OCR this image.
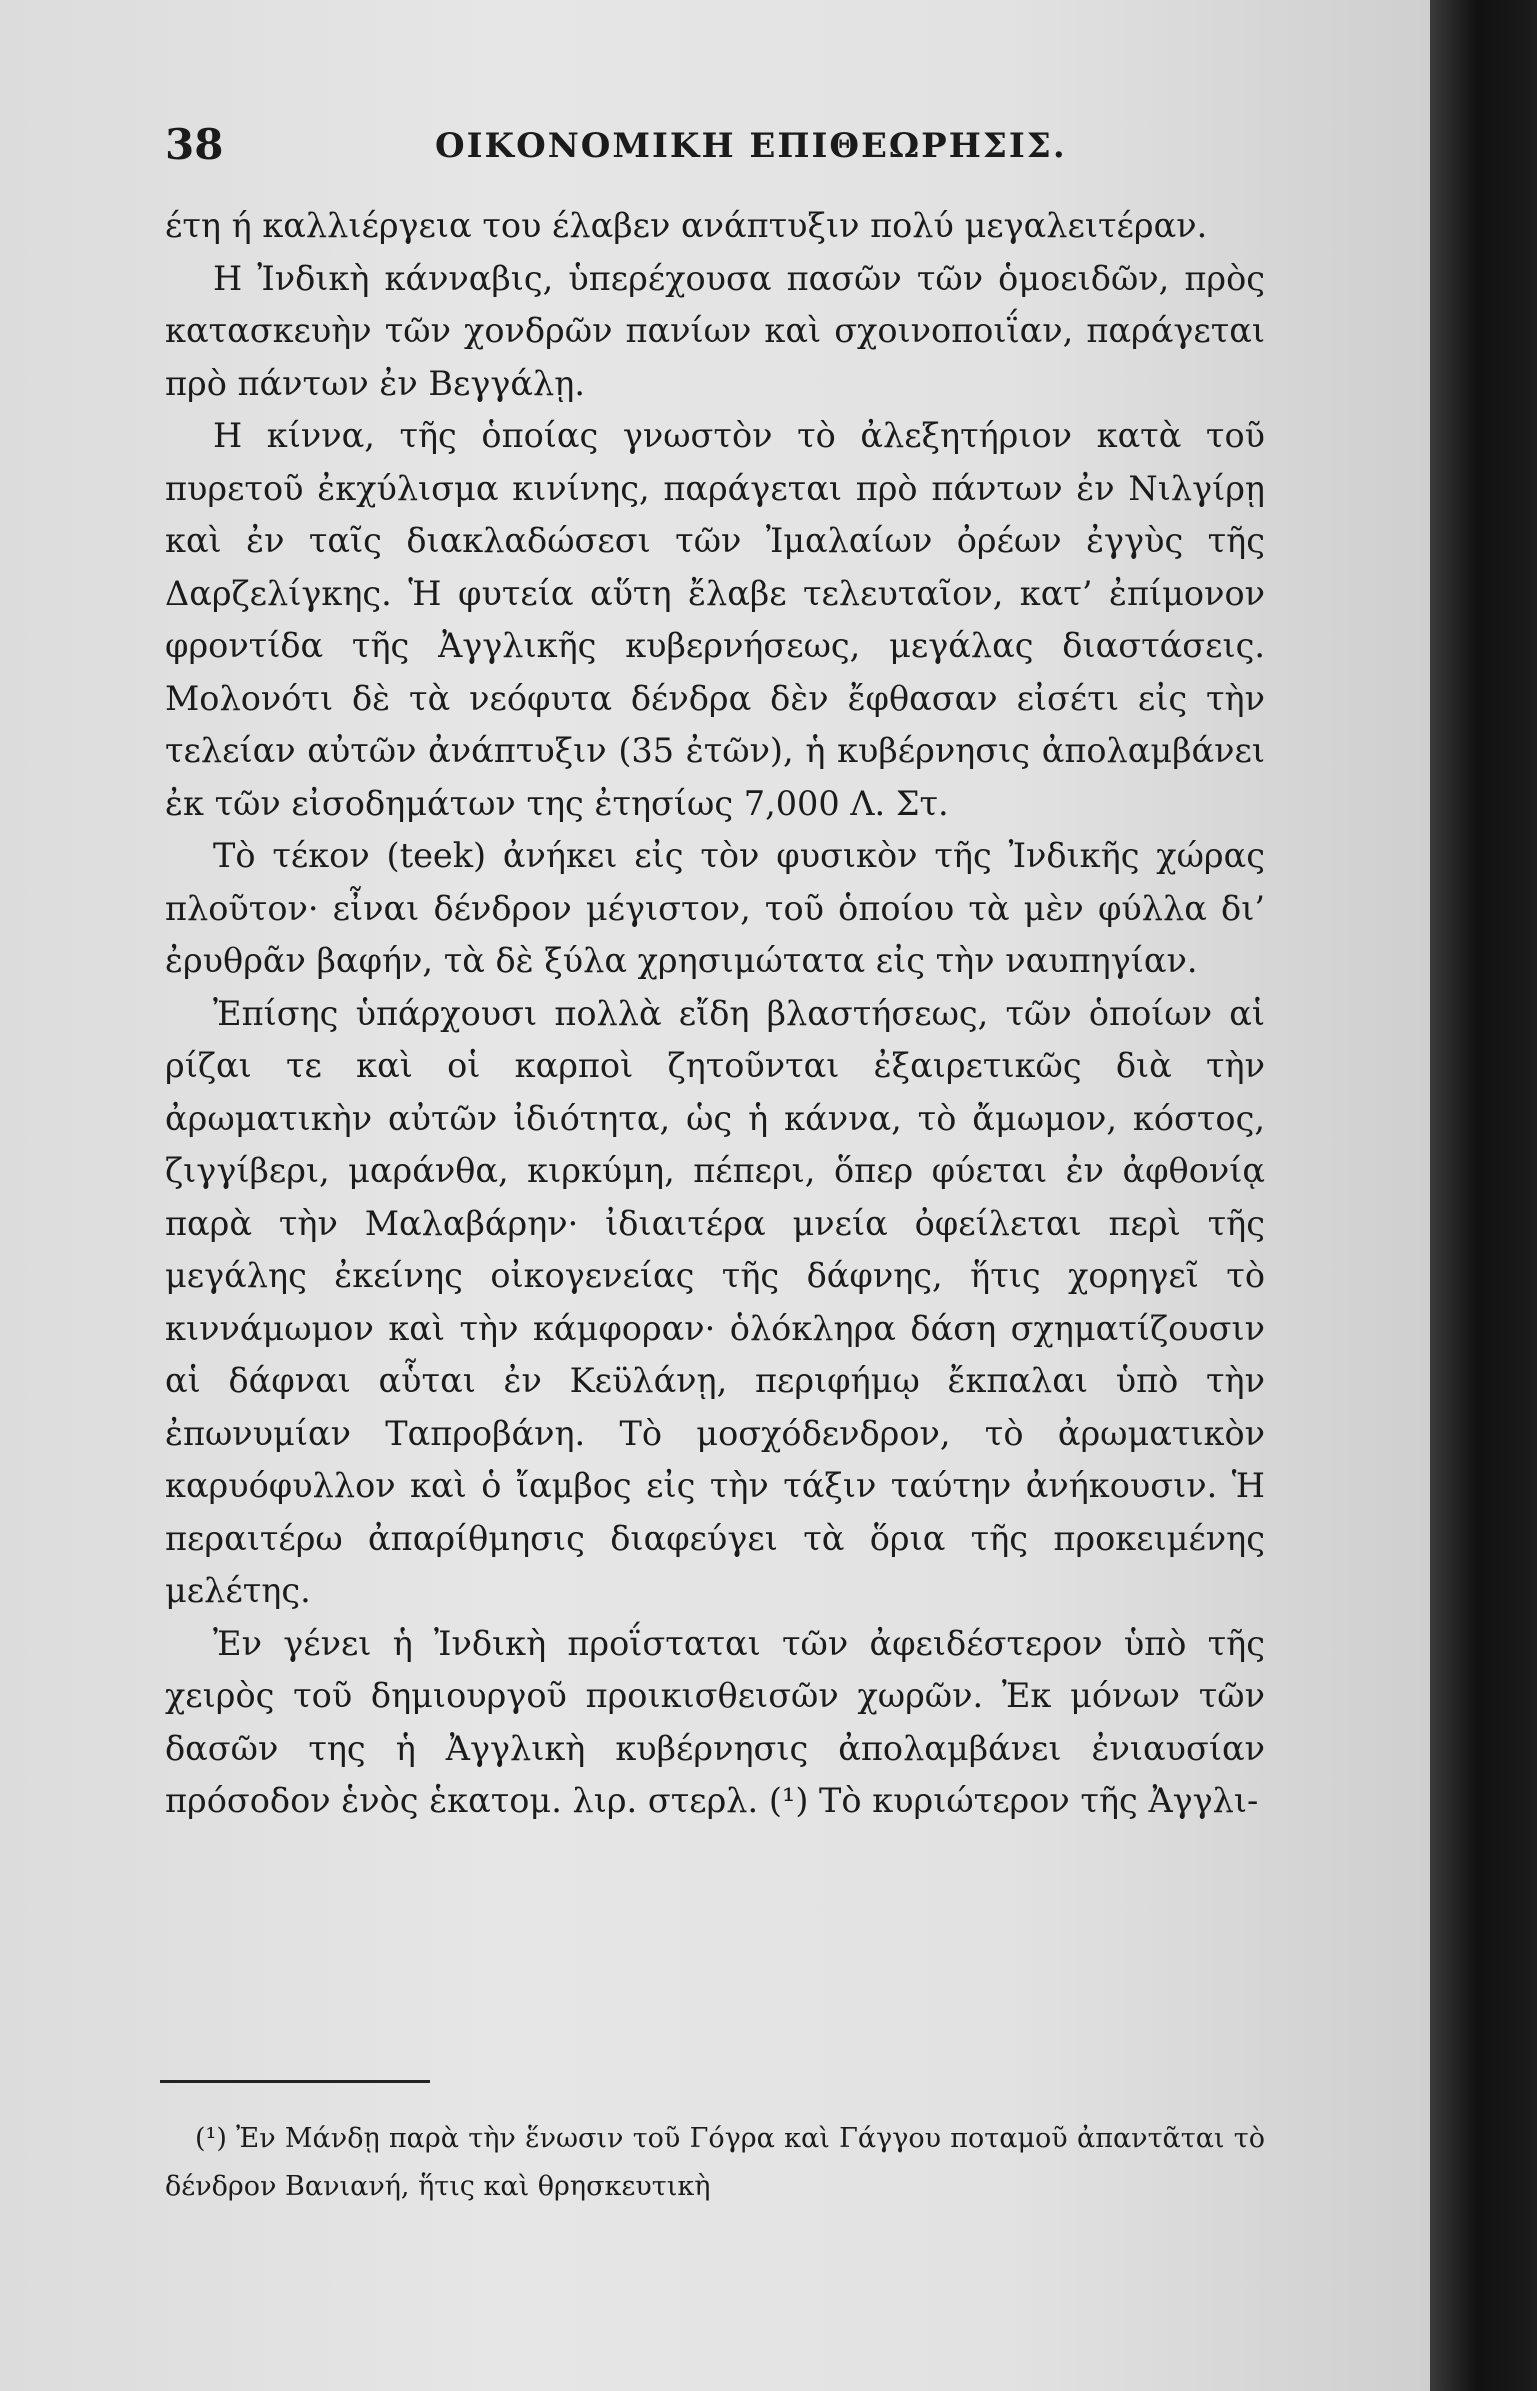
38	ΟΙΚΟΝΟΜΙΚΗ ΕΠΙΘΕΩΡΗΣΙΣ.

έτη ή καλλιέργεια του έλαβεν ανάπτυξιν πολύ μεγαλειτέραν.

Η Ἰνδικὴ κάνναβις, ὑπερέχουσα πασῶν τῶν ὁμοειδῶν, πρὸς κατασκευὴν τῶν χονδρῶν πανίων καὶ σχοινοποιΐαν, παράγεται πρὸ πάντων ἐν Βεγγάλῃ.

Η κίννα, τῆς ὁποίας γνωστὸν τὸ ἀλεξητήριον κατὰ τοῦ πυρετοῦ ἐκχύλισμα κινίνης, παράγεται πρὸ πάντων ἐν Νιλγίρῃ καὶ ἐν ταῖς διακλαδώσεσι τῶν Ἰμαλαίων ὀρέων ἐγγὺς τῆς Δαρζελίγκης. Ἡ φυτεία αὕτη ἔλαβε τελευταῖον, κατ’ ἐπίμονον φροντίδα τῆς Ἀγγλικῆς κυβερνήσεως, μεγάλας διαστάσεις. Μολονότι δὲ τὰ νεόφυτα δένδρα δὲν ἔφθασαν εἰσέτι εἰς τὴν τελείαν αὐτῶν ἀνάπτυξιν (35 ἐτῶν), ἡ κυβέρνησις ἀπολαμβάνει ἐκ τῶν εἰσοδημάτων της ἐτησίως 7,000 Λ. Στ.

Τὸ τέκον (teek) ἀνήκει εἰς τὸν φυσικὸν τῆς Ἰνδικῆς χώρας πλοῦτον· εἶναι δένδρον μέγιστον, τοῦ ὁποίου τὰ μὲν φύλλα δι’ ἐρυθρᾶν βαφήν, τὰ δὲ ξύλα χρησιμώτατα εἰς τὴν ναυπηγίαν.

Ἐπίσης ὑπάρχουσι πολλὰ εἴδη βλαστήσεως, τῶν ὁποίων αἱ ρίζαι τε καὶ οἱ καρποὶ ζητοῦνται ἐξαιρετικῶς διὰ τὴν ἀρωματικὴν αὐτῶν ἰδιότητα, ὡς ἡ κάννα, τὸ ἄμωμον, κόστος, ζιγγίβερι, μαράνθα, κιρκύμη, πέπερι, ὅπερ φύεται ἐν ἀφθονίᾳ παρὰ τὴν Μαλαβάρην· ἰδιαιτέρα μνεία ὀφείλεται περὶ τῆς μεγάλης ἐκείνης οἰκογενείας τῆς δάφνης, ἥτις χορηγεῖ τὸ κιννάμωμον καὶ τὴν κάμφοραν· ὁλόκληρα δάση σχηματίζουσιν αἱ δάφναι αὗται ἐν Κεϋλάνῃ, περιφήμῳ ἔκπαλαι ὑπὸ τὴν ἐπωνυμίαν Ταπροβάνη. Τὸ μοσχόδενδρον, τὸ ἀρωματικὸν καρυόφυλλον καὶ ὁ ἴαμβος εἰς τὴν τάξιν ταύτην ἀνήκουσιν. Ἡ περαιτέρω ἀπαρίθμησις διαφεύγει τὰ ὅρια τῆς προκειμένης μελέτης.

Ἐν γένει ἡ Ἰνδικὴ προΐσταται τῶν ἀφειδέστερον ὑπὸ τῆς χειρὸς τοῦ δημιουργοῦ προικισθεισῶν χωρῶν. Ἐκ μόνων τῶν δασῶν της ἡ Ἀγγλικὴ κυβέρνησις ἀπολαμβάνει ἐνιαυσίαν πρόσοδον ἑνὸς ἑκατομ. λιρ. στερλ. (¹) Τὸ κυριώτερον τῆς Ἀγγλι-

(¹) Ἐν Μάνδῃ παρὰ τὴν ἕνωσιν τοῦ Γόγρα καὶ Γάγγου ποταμοῦ ἀπαντᾶται τὸ δένδρον Βανιανή, ἥτις καὶ θρησκευτικὴ
